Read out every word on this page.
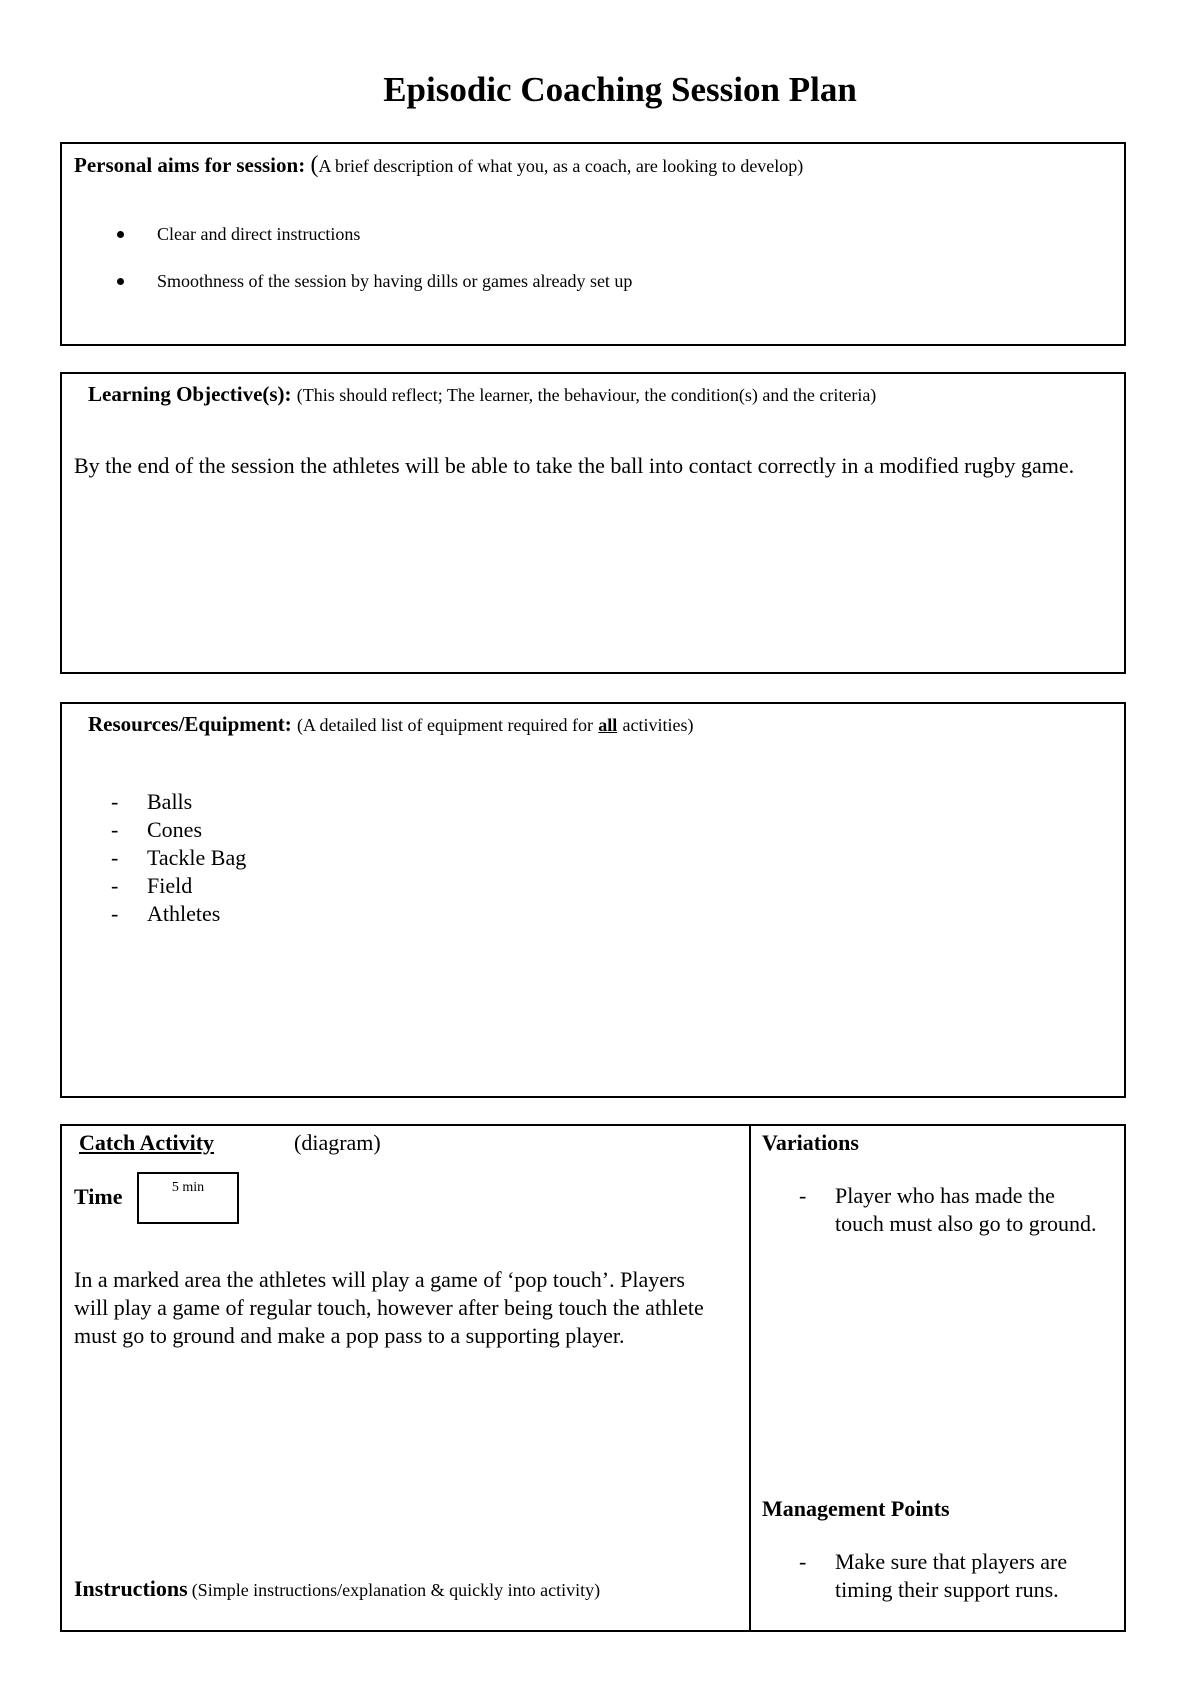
Episodic Coaching Session Plan
Personal aims for session: (A brief description of what you, as a coach, are looking to develop)
Clear and direct instructions
Smoothness of the session by having dills or games already set up
Learning Objective(s): (This should reflect; The learner, the behaviour, the condition(s) and the criteria)
By the end of the session the athletes will be able to take the ball into contact correctly in a modified rugby game.
Resources/Equipment: (A detailed list of equipment required for all activities)
- Balls
- Cones
- Tackle Bag
- Field
- Athletes
Catch Activity	(diagram)
Time	5 min
In a marked area the athletes will play a game of ‘pop touch’. Players will play a game of regular touch, however after being touch the athlete must go to ground and make a pop pass to a supporting player.
Instructions (Simple instructions/explanation & quickly into activity)
Variations
- Player who has made the touch must also go to ground.
Management Points
- Make sure that players are timing their support runs.
